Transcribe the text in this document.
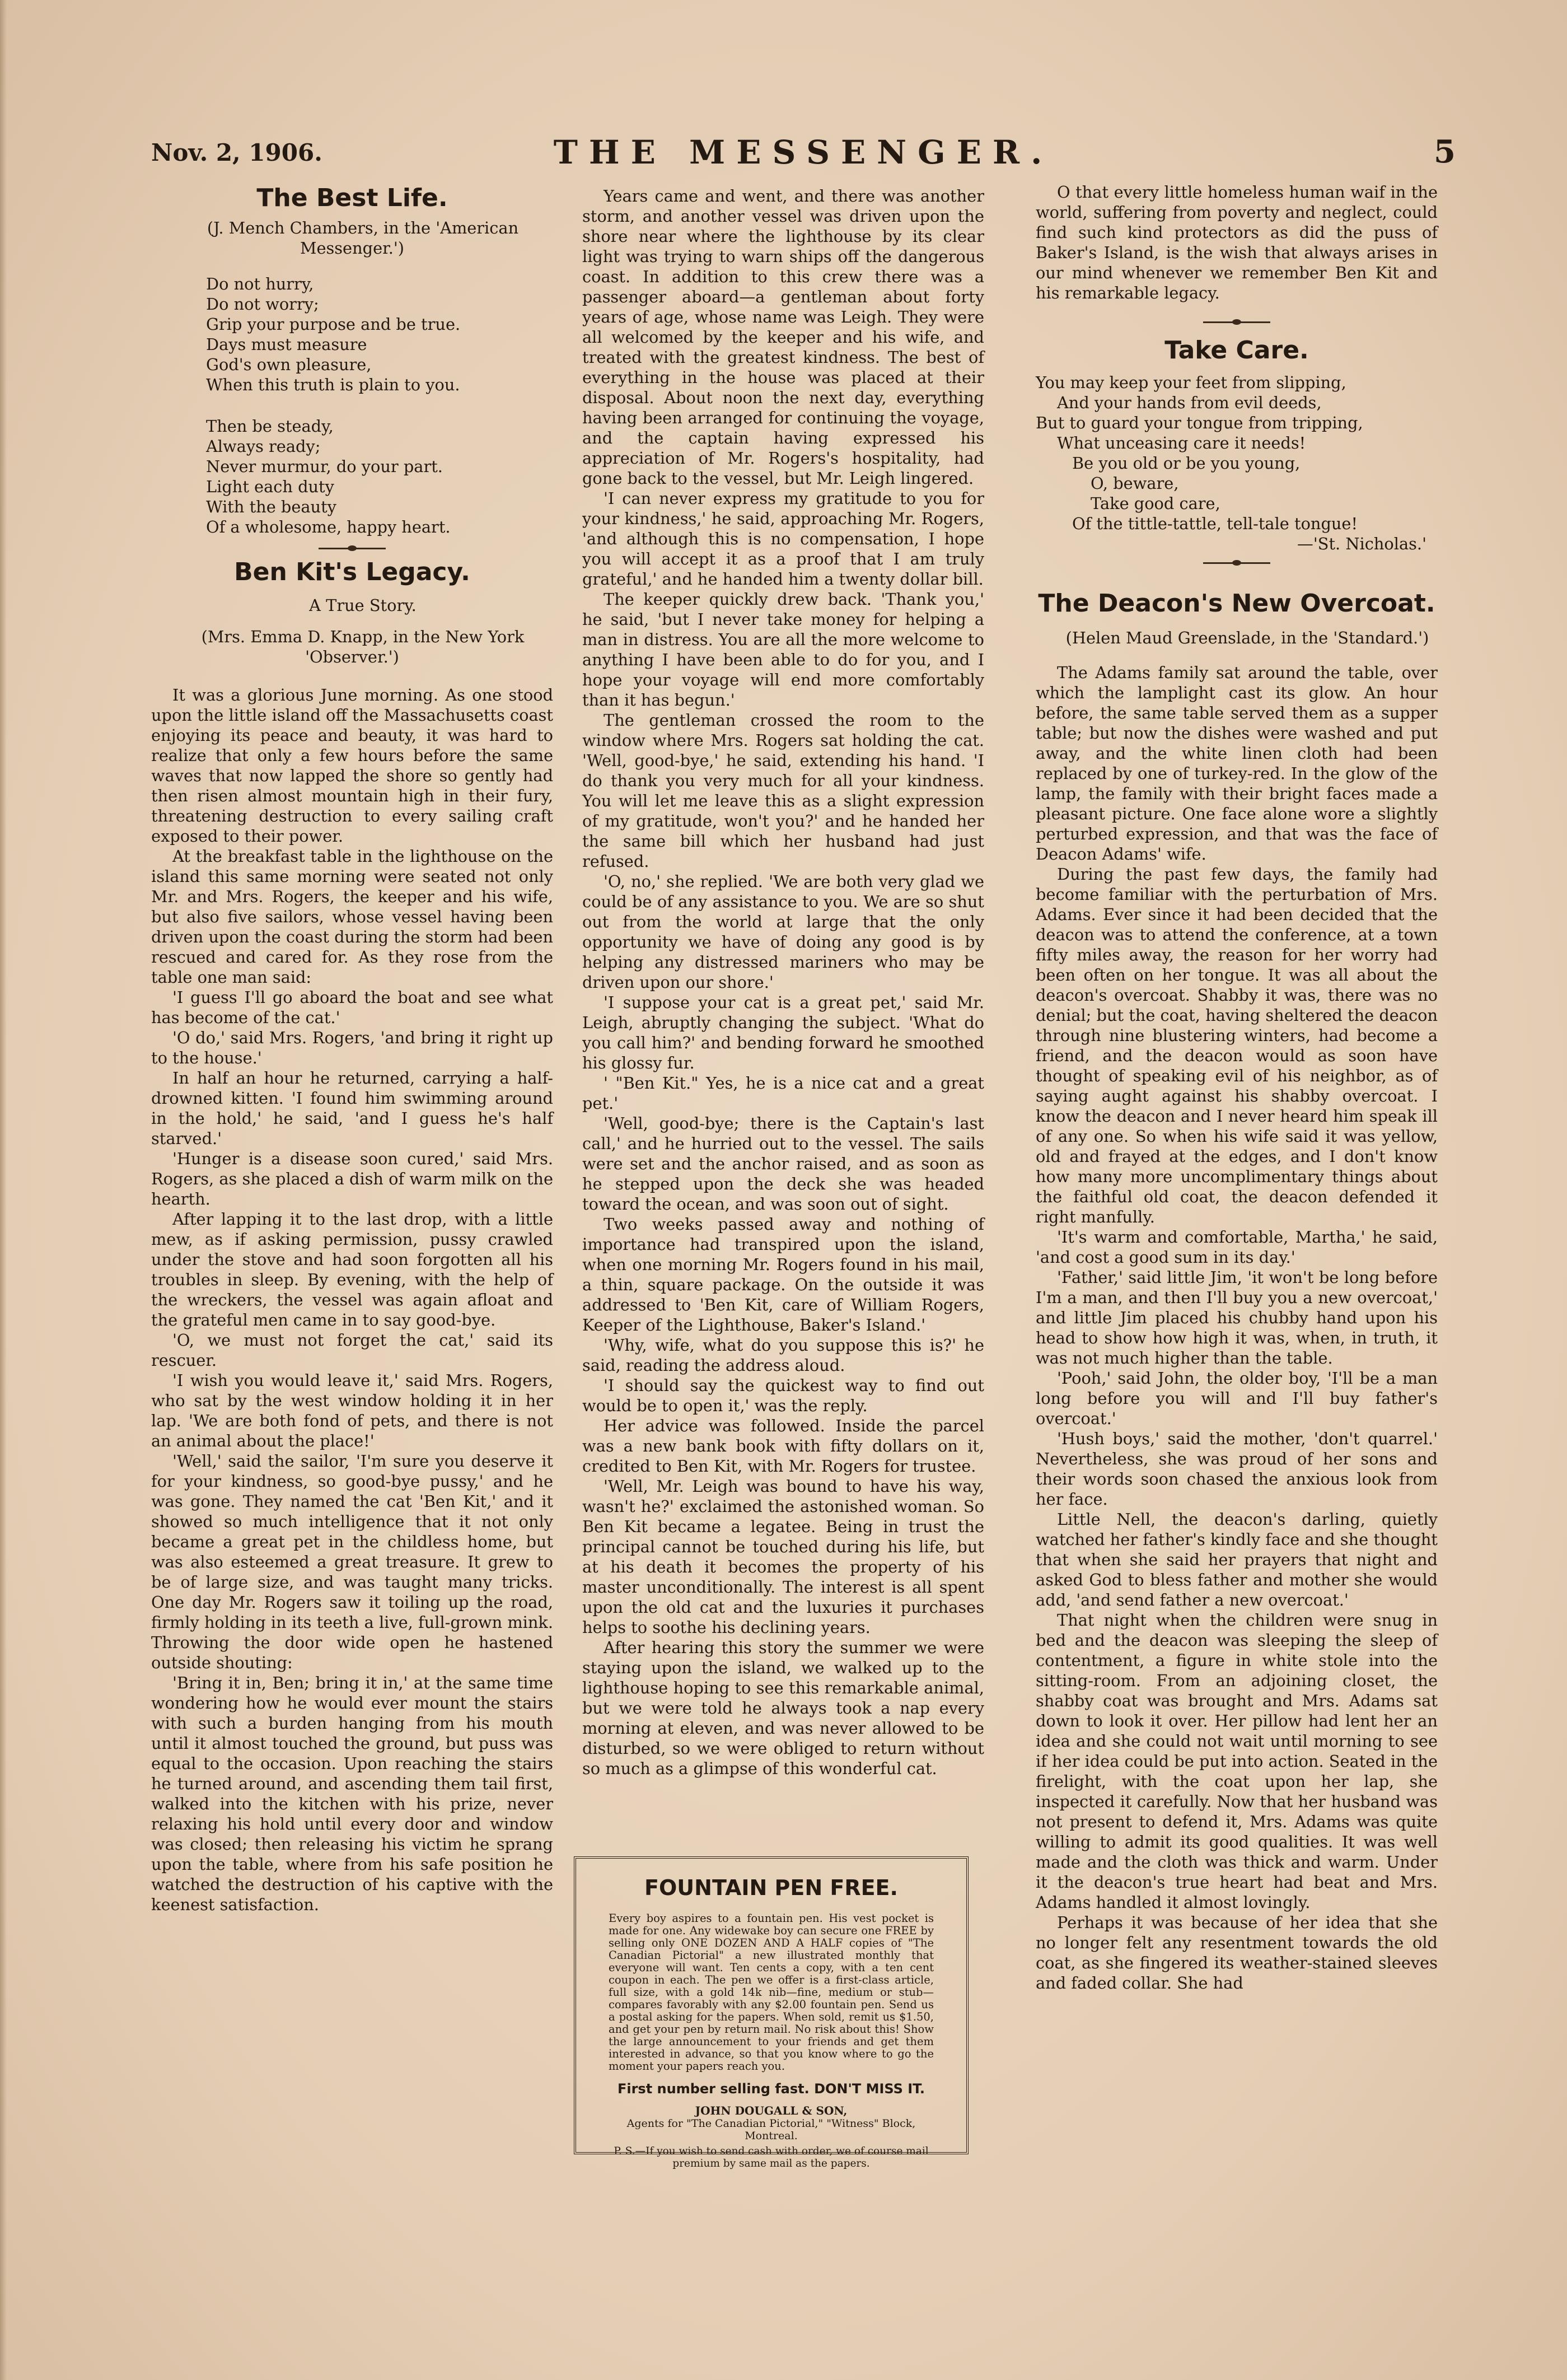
Nov. 2, 1906.	THE MESSENGER.	5
The Best Life.

(J. Mench Chambers, in the 'American Messenger.')

Do not hurry,
Do not worry;
Grip your purpose and be true.
Days must measure
God's own pleasure,
When this truth is plain to you.
Then be steady,
Always ready;
Never murmur, do your part.
Light each duty
With the beauty
Of a wholesome, happy heart.
Ben Kit's Legacy.

A True Story.

(Mrs. Emma D. Knapp, in the New York 'Observer.')

It was a glorious June morning. As one stood upon the little island off the Massachusetts coast enjoying its peace and beauty, it was hard to realize that only a few hours before the same waves that now lapped the shore so gently had then risen almost mountain high in their fury, threatening destruction to every sailing craft exposed to their power.

At the breakfast table in the lighthouse on the island this same morning were seated not only Mr. and Mrs. Rogers, the keeper and his wife, but also five sailors, whose vessel having been driven upon the coast during the storm had been rescued and cared for. As they rose from the table one man said:

'I guess I'll go aboard the boat and see what has become of the cat.'

'O do,' said Mrs. Rogers, 'and bring it right up to the house.'

In half an hour he returned, carrying a half-drowned kitten. 'I found him swimming around in the hold,' he said, 'and I guess he's half starved.'

'Hunger is a disease soon cured,' said Mrs. Rogers, as she placed a dish of warm milk on the hearth.

After lapping it to the last drop, with a little mew, as if asking permission, pussy crawled under the stove and had soon forgotten all his troubles in sleep. By evening, with the help of the wreckers, the vessel was again afloat and the grateful men came in to say good-bye.

'O, we must not forget the cat,' said its rescuer.

'I wish you would leave it,' said Mrs. Rogers, who sat by the west window holding it in her lap. 'We are both fond of pets, and there is not an animal about the place!'

'Well,' said the sailor, 'I'm sure you deserve it for your kindness, so good-bye pussy,' and he was gone. They named the cat 'Ben Kit,' and it showed so much intelligence that it not only became a great pet in the childless home, but was also esteemed a great treasure. It grew to be of large size, and was taught many tricks. One day Mr. Rogers saw it toiling up the road, firmly holding in its teeth a live, full-grown mink. Throwing the door wide open he hastened outside shouting:

'Bring it in, Ben; bring it in,' at the same time wondering how he would ever mount the stairs with such a burden hanging from his mouth until it almost touched the ground, but puss was equal to the occasion. Upon reaching the stairs he turned around, and ascending them tail first, walked into the kitchen with his prize, never relaxing his hold until every door and window was closed; then releasing his victim he sprang upon the table, where from his safe position he watched the destruction of his captive with the keenest satisfaction.

Years came and went, and there was another storm, and another vessel was driven upon the shore near where the lighthouse by its clear light was trying to warn ships off the dangerous coast. In addition to this crew there was a passenger aboard—a gentleman about forty years of age, whose name was Leigh. They were all welcomed by the keeper and his wife, and treated with the greatest kindness. The best of everything in the house was placed at their disposal. About noon the next day, everything having been arranged for continuing the voyage, and the captain having expressed his appreciation of Mr. Rogers's hospitality, had gone back to the vessel, but Mr. Leigh lingered.

'I can never express my gratitude to you for your kindness,' he said, approaching Mr. Rogers, 'and although this is no compensation, I hope you will accept it as a proof that I am truly grateful,' and he handed him a twenty dollar bill.

The keeper quickly drew back. 'Thank you,' he said, 'but I never take money for helping a man in distress. You are all the more welcome to anything I have been able to do for you, and I hope your voyage will end more comfortably than it has begun.'

The gentleman crossed the room to the window where Mrs. Rogers sat holding the cat. 'Well, good-bye,' he said, extending his hand. 'I do thank you very much for all your kindness. You will let me leave this as a slight expression of my gratitude, won't you?' and he handed her the same bill which her husband had just refused.

'O, no,' she replied. 'We are both very glad we could be of any assistance to you. We are so shut out from the world at large that the only opportunity we have of doing any good is by helping any distressed mariners who may be driven upon our shore.'

'I suppose your cat is a great pet,' said Mr. Leigh, abruptly changing the subject. 'What do you call him?' and bending forward he smoothed his glossy fur.

' "Ben Kit." Yes, he is a nice cat and a great pet.'

'Well, good-bye; there is the Captain's last call,' and he hurried out to the vessel. The sails were set and the anchor raised, and as soon as he stepped upon the deck she was headed toward the ocean, and was soon out of sight.

Two weeks passed away and nothing of importance had transpired upon the island, when one morning Mr. Rogers found in his mail, a thin, square package. On the outside it was addressed to 'Ben Kit, care of William Rogers, Keeper of the Lighthouse, Baker's Island.'

'Why, wife, what do you suppose this is?' he said, reading the address aloud.

'I should say the quickest way to find out would be to open it,' was the reply.

Her advice was followed. Inside the parcel was a new bank book with fifty dollars on it, credited to Ben Kit, with Mr. Rogers for trustee.

'Well, Mr. Leigh was bound to have his way, wasn't he?' exclaimed the astonished woman. So Ben Kit became a legatee. Being in trust the principal cannot be touched during his life, but at his death it becomes the property of his master unconditionally. The interest is all spent upon the old cat and the luxuries it purchases helps to soothe his declining years.

After hearing this story the summer we were staying upon the island, we walked up to the lighthouse hoping to see this remarkable animal, but we were told he always took a nap every morning at eleven, and was never allowed to be disturbed, so we were obliged to return without so much as a glimpse of this wonderful cat.

FOUNTAIN PEN FREE.

Every boy aspires to a fountain pen. His vest pocket is made for one. Any widewake boy can secure one FREE by selling only ONE DOZEN AND A HALF copies of "The Canadian Pictorial" a new illustrated monthly that everyone will want. Ten cents a copy, with a ten cent coupon in each. The pen we offer is a first-class article, full size, with a gold 14k nib—fine, medium or stub—compares favorably with any $2.00 fountain pen. Send us a postal asking for the papers. When sold, remit us $1.50, and get your pen by return mail. No risk about this! Show the large announcement to your friends and get them interested in advance, so that you know where to go the moment your papers reach you.

First number selling fast. DON'T MISS IT.

JOHN DOUGALL & SON,

Agents for "The Canadian Pictorial," "Witness" Block, Montreal.

P. S.—If you wish to send cash with order, we of course mail premium by same mail as the papers.

O that every little homeless human waif in the world, suffering from poverty and neglect, could find such kind protectors as did the puss of Baker's Island, is the wish that always arises in our mind whenever we remember Ben Kit and his remarkable legacy.

Take Care.
You may keep your feet from slipping,
And your hands from evil deeds,
But to guard your tongue from tripping,
What unceasing care it needs!
Be you old or be you young,
O, beware,
Take good care,
Of the tittle-tattle, tell-tale tongue!
—'St. Nicholas.'
The Deacon's New Overcoat.

(Helen Maud Greenslade, in the 'Standard.')

The Adams family sat around the table, over which the lamplight cast its glow. An hour before, the same table served them as a supper table; but now the dishes were washed and put away, and the white linen cloth had been replaced by one of turkey-red. In the glow of the lamp, the family with their bright faces made a pleasant picture. One face alone wore a slightly perturbed expression, and that was the face of Deacon Adams' wife.

During the past few days, the family had become familiar with the perturbation of Mrs. Adams. Ever since it had been decided that the deacon was to attend the conference, at a town fifty miles away, the reason for her worry had been often on her tongue. It was all about the deacon's overcoat. Shabby it was, there was no denial; but the coat, having sheltered the deacon through nine blustering winters, had become a friend, and the deacon would as soon have thought of speaking evil of his neighbor, as of saying aught against his shabby overcoat. I know the deacon and I never heard him speak ill of any one. So when his wife said it was yellow, old and frayed at the edges, and I don't know how many more uncomplimentary things about the faithful old coat, the deacon defended it right manfully.

'It's warm and comfortable, Martha,' he said, 'and cost a good sum in its day.'

'Father,' said little Jim, 'it won't be long before I'm a man, and then I'll buy you a new overcoat,' and little Jim placed his chubby hand upon his head to show how high it was, when, in truth, it was not much higher than the table.

'Pooh,' said John, the older boy, 'I'll be a man long before you will and I'll buy father's overcoat.'

'Hush boys,' said the mother, 'don't quarrel.' Nevertheless, she was proud of her sons and their words soon chased the anxious look from her face.

Little Nell, the deacon's darling, quietly watched her father's kindly face and she thought that when she said her prayers that night and asked God to bless father and mother she would add, 'and send father a new overcoat.'

That night when the children were snug in bed and the deacon was sleeping the sleep of contentment, a figure in white stole into the sitting-room. From an adjoining closet, the shabby coat was brought and Mrs. Adams sat down to look it over. Her pillow had lent her an idea and she could not wait until morning to see if her idea could be put into action. Seated in the firelight, with the coat upon her lap, she inspected it carefully. Now that her husband was not present to defend it, Mrs. Adams was quite willing to admit its good qualities. It was well made and the cloth was thick and warm. Under it the deacon's true heart had beat and Mrs. Adams handled it almost lovingly.

Perhaps it was because of her idea that she no longer felt any resentment towards the old coat, as she fingered its weather-stained sleeves and faded collar. She had
